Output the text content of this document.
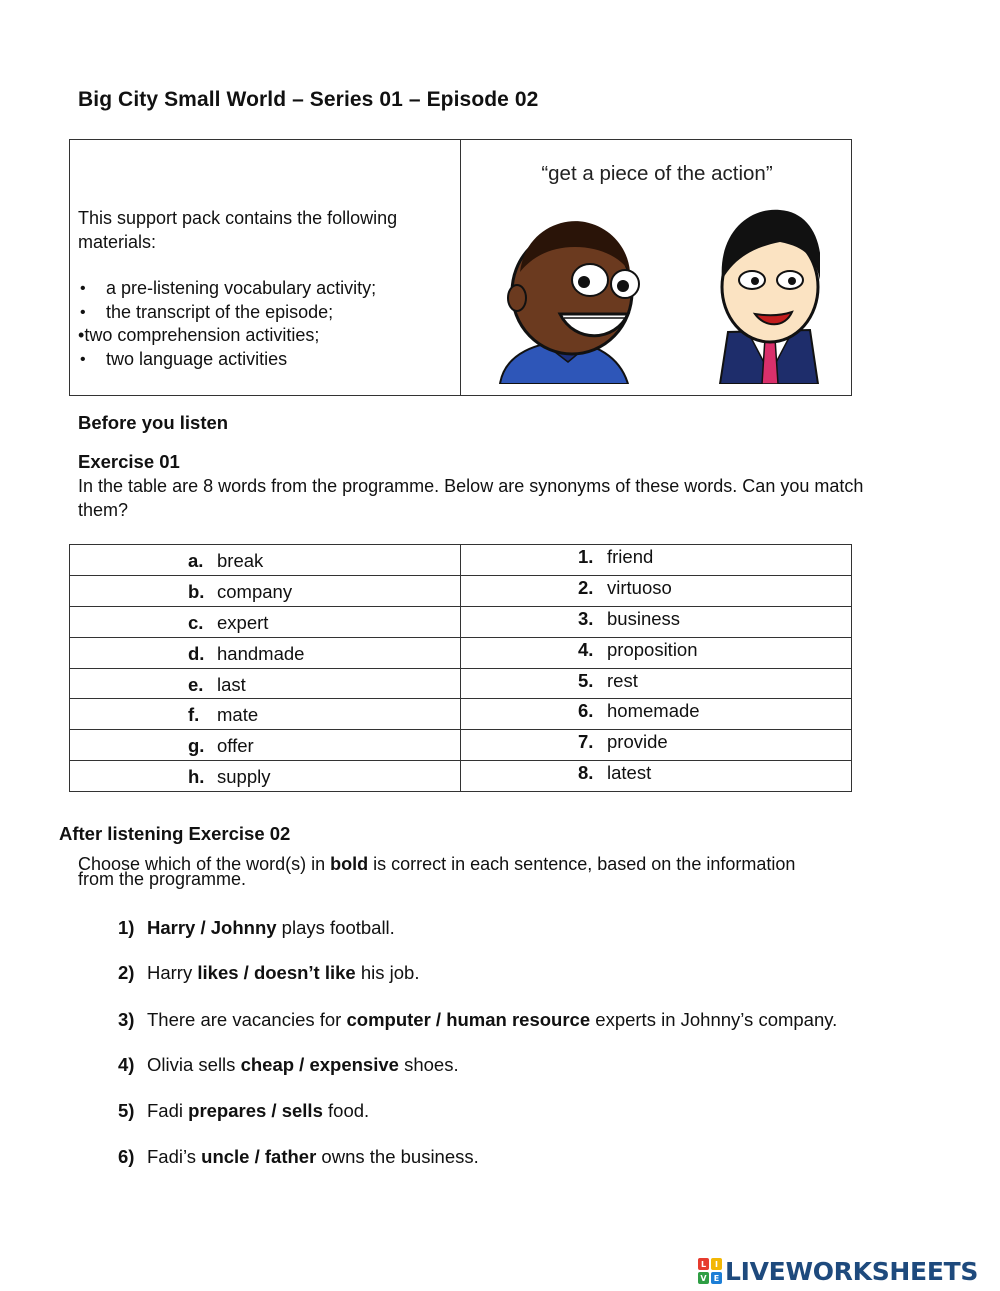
Big City Small World – Series 01 – Episode 02
This support pack contains the following materials:
• a pre-listening vocabulary activity;
• the transcript of the episode;
•two comprehension activities;
• two language activities
“get a piece of the action”
Before you listen
Exercise 01
In the table are 8 words from the programme. Below are synonyms of these words. Can you match them?
a. break	1. friend
b. company	2. virtuoso
c. expert	3. business
d. handmade	4. proposition
e. last	5. rest
f. mate	6. homemade
g. offer	7. provide
h. supply	8. latest
After listening Exercise 02
Choose which of the word(s) in bold is correct in each sentence, based on the information
from the programme.
1) Harry / Johnny plays football.
2) Harry likes / doesn’t like his job.
3) There are vacancies for computer / human resource experts in Johnny’s company.
4) Olivia sells cheap / expensive shoes.
5) Fadi prepares / sells food.
6) Fadi’s uncle / father owns the business.
L I
V E LIVEWORKSHEETS
